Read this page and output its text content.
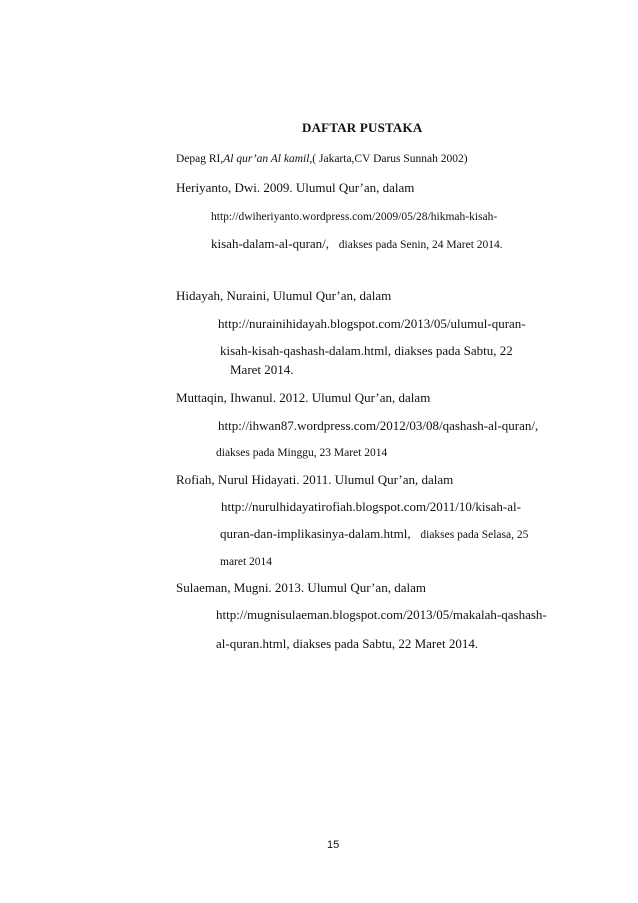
DAFTAR PUSTAKA
Depag RI,Al qur’an Al kamil,( Jakarta,CV Darus Sunnah 2002)
Heriyanto, Dwi. 2009. Ulumul Qur’an, dalam
http://dwiheriyanto.wordpress.com/2009/05/28/hikmah-kisah-
kisah-dalam-al-quran/, diakses pada Senin, 24 Maret 2014.
Hidayah, Nuraini, Ulumul Qur’an, dalam
http://nurainihidayah.blogspot.com/2013/05/ulumul-quran-
kisah-kisah-qashash-dalam.html, diakses pada Sabtu, 22
Maret 2014.
Muttaqin, Ihwanul. 2012. Ulumul Qur’an, dalam
http://ihwan87.wordpress.com/2012/03/08/qashash-al-quran/,
diakses pada Minggu, 23 Maret 2014
Rofiah, Nurul Hidayati. 2011. Ulumul Qur’an, dalam
http://nurulhidayatirofiah.blogspot.com/2011/10/kisah-al-
quran-dan-implikasinya-dalam.html, diakses pada Selasa, 25
maret 2014
Sulaeman, Mugni. 2013. Ulumul Qur’an, dalam
http://mugnisulaeman.blogspot.com/2013/05/makalah-qashash-
al-quran.html, diakses pada Sabtu, 22 Maret 2014.
15
